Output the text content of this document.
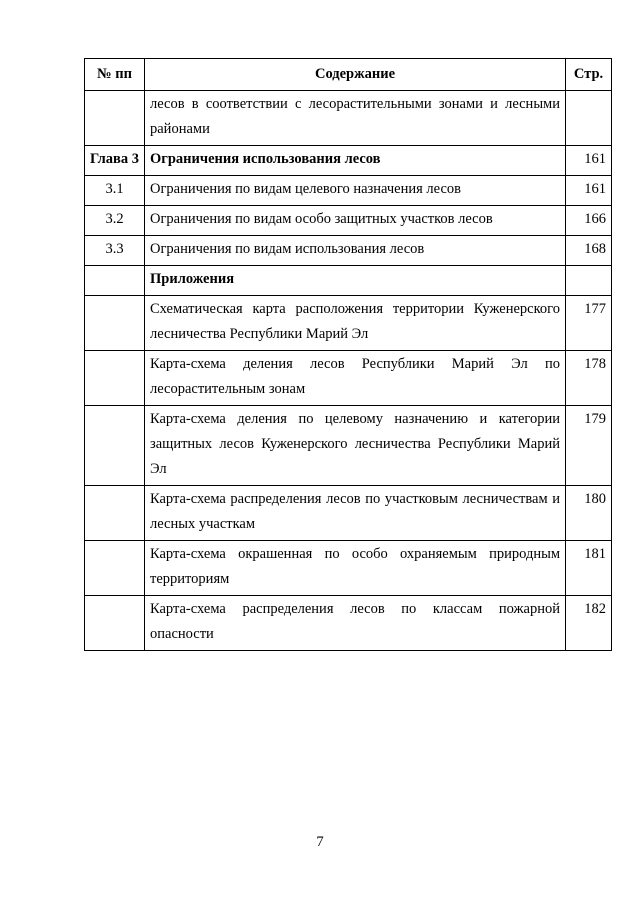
№ пп	Содержание	Стр.
	лесов в соответствии с лесорастительными зонами и лесными районами	
Глава 3	Ограничения использования лесов	161
3.1	Ограничения по видам целевого назначения лесов	161
3.2	Ограничения по видам особо защитных участков лесов	166
3.3	Ограничения по видам использования лесов	168
	Приложения	
	Схематическая карта расположения территории Куженерского лесничества Республики Марий Эл	177
	Карта-схема деления лесов Республики Марий Эл по лесорастительным зонам	178
	Карта-схема деления по целевому назначению и категории защитных лесов Куженерского лесничества Республики Марий Эл	179
	Карта-схема распределения лесов по участковым лесничествам и лесных участкам	180
	Карта-схема окрашенная по особо охраняемым природным территориям	181
	Карта-схема распределения лесов по классам пожарной опасности	182
7
